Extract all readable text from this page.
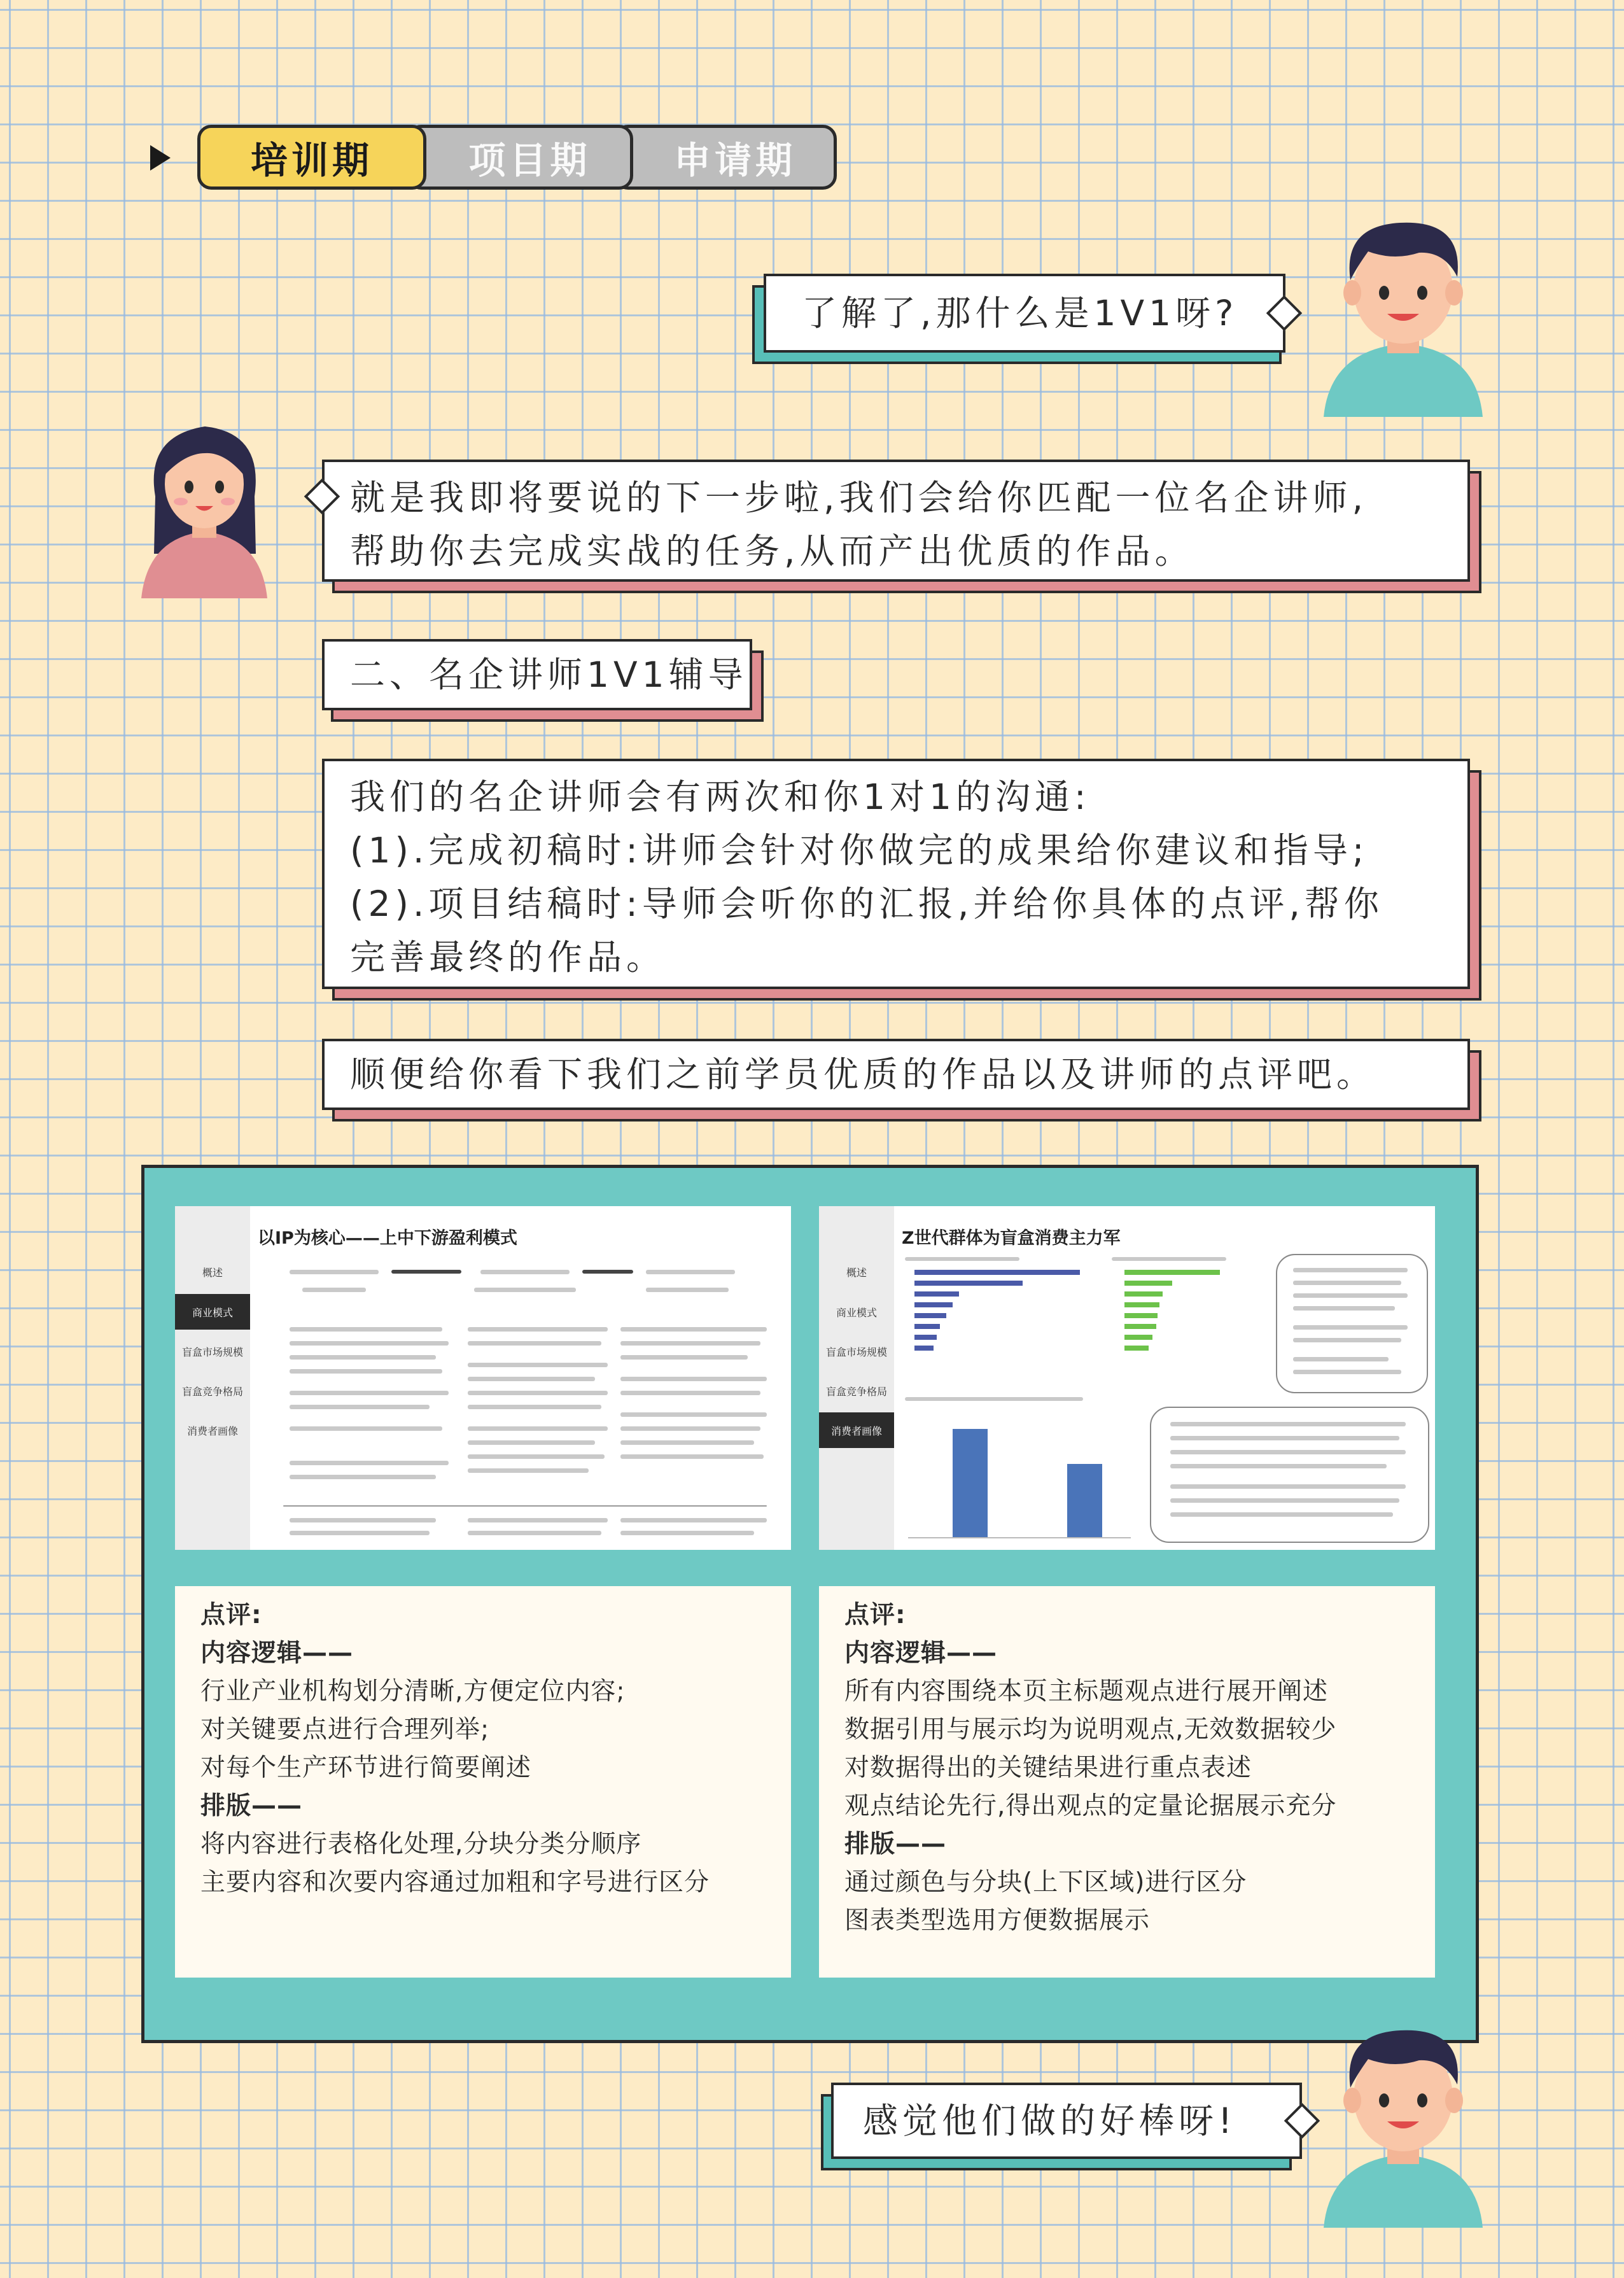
培训期	项目期	申请期
了解了,那什么是1V1呀?
就是我即将要说的下一步啦,我们会给你匹配一位名企讲师,
帮助你去完成实战的任务,从而产出优质的作品。
二、名企讲师1V1辅导
我们的名企讲师会有两次和你1对1的沟通:
(1).完成初稿时:讲师会针对你做完的成果给你建议和指导;
(2).项目结稿时:导师会听你的汇报,并给你具体的点评,帮你
完善最终的作品。
顺便给你看下我们之前学员优质的作品以及讲师的点评吧。
概述
商业模式
盲盒市场规模
盲盒竞争格局
消费者画像
以IP为核心——上中下游盈利模式
概述
商业模式
盲盒市场规模
盲盒竞争格局
消费者画像
Z世代群体为盲盒消费主力军
点评:
内容逻辑——
行业产业机构划分清晰,方便定位内容;
对关键要点进行合理列举;
对每个生产环节进行简要阐述
排版——
将内容进行表格化处理,分块分类分顺序
主要内容和次要内容通过加粗和字号进行区分
点评:
内容逻辑——
所有内容围绕本页主标题观点进行展开阐述
数据引用与展示均为说明观点,无效数据较少
对数据得出的关键结果进行重点表述
观点结论先行,得出观点的定量论据展示充分
排版——
通过颜色与分块(上下区域)进行区分
图表类型选用方便数据展示
感觉他们做的好棒呀!
